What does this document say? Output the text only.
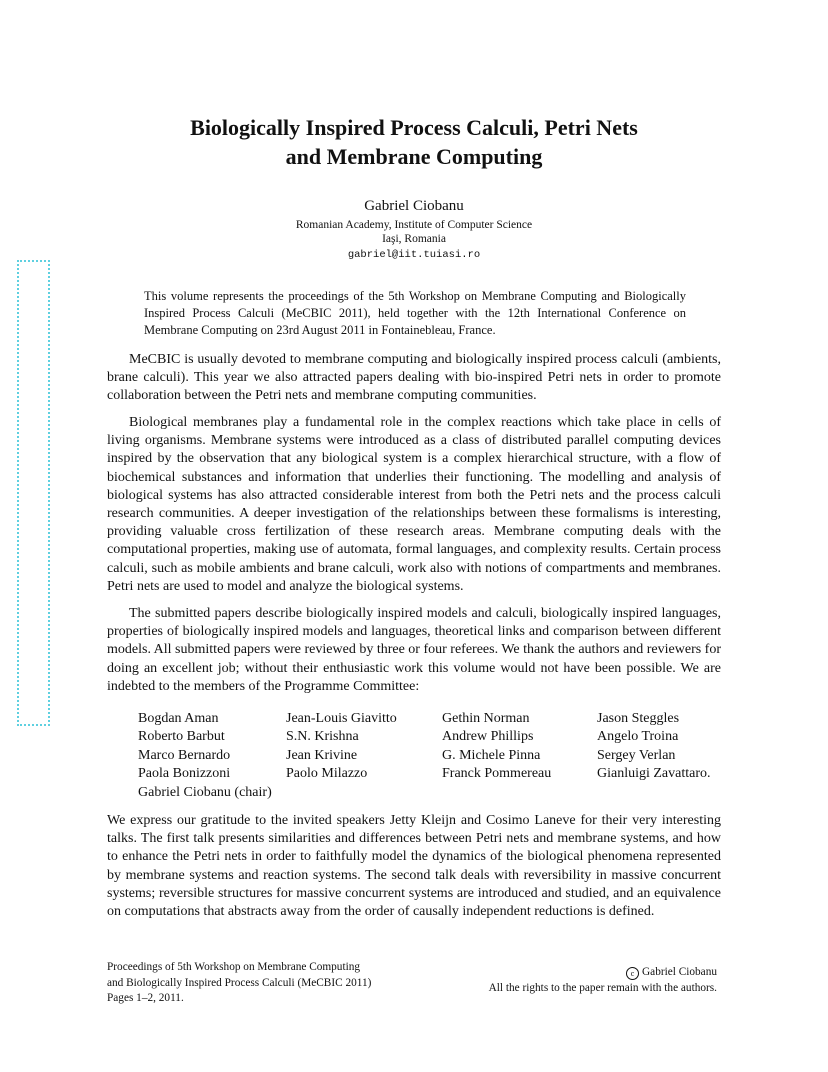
Biologically Inspired Process Calculi, Petri Nets
and Membrane Computing
Gabriel Ciobanu
Romanian Academy, Institute of Computer Science
Iaşi, Romania
gabriel@iit.tuiasi.ro
This volume represents the proceedings of the 5th Workshop on Membrane Computing and Biologically Inspired Process Calculi (MeCBIC 2011), held together with the 12th International Conference on Membrane Computing on 23rd August 2011 in Fontainebleau, France.

MeCBIC is usually devoted to membrane computing and biologically inspired process calculi (ambients, brane calculi). This year we also attracted papers dealing with bio-inspired Petri nets in order to promote collaboration between the Petri nets and membrane computing communities.

Biological membranes play a fundamental role in the complex reactions which take place in cells of living organisms. Membrane systems were introduced as a class of distributed parallel computing devices inspired by the observation that any biological system is a complex hierarchical structure, with a flow of biochemical substances and information that underlies their functioning. The modelling and analysis of biological systems has also attracted considerable interest from both the Petri nets and the process calculi research communities. A deeper investigation of the relationships between these formalisms is interesting, providing valuable cross fertilization of these research areas. Membrane computing deals with the computational properties, making use of automata, formal languages, and complexity results. Certain process calculi, such as mobile ambients and brane calculi, work also with notions of compartments and membranes. Petri nets are used to model and analyze the biological systems.

The submitted papers describe biologically inspired models and calculi, biologically inspired languages, properties of biologically inspired models and languages, theoretical links and comparison between different models. All submitted papers were reviewed by three or four referees. We thank the authors and reviewers for doing an excellent job; without their enthusiastic work this volume would not have been possible. We are indebted to the members of the Programme Committee:

Bogdan Aman
Roberto Barbut
Marco Bernardo
Paola Bonizzoni
Gabriel Ciobanu (chair)
Jean-Louis Giavitto
S.N. Krishna
Jean Krivine
Paolo Milazzo
Gethin Norman
Andrew Phillips
G. Michele Pinna
Franck Pommereau
Jason Steggles
Angelo Troina
Sergey Verlan
Gianluigi Zavattaro.

We express our gratitude to the invited speakers Jetty Kleijn and Cosimo Laneve for their very interesting talks. The first talk presents similarities and differences between Petri nets and membrane systems, and how to enhance the Petri nets in order to faithfully model the dynamics of the biological phenomena represented by membrane systems and reaction systems. The second talk deals with reversibility in massive concurrent systems; reversible structures for massive concurrent systems are introduced and studied, and an equivalence on computations that abstracts away from the order of causally independent reductions is defined.

Proceedings of 5th Workshop on Membrane Computing
and Biologically Inspired Process Calculi (MeCBIC 2011)
Pages 1–2, 2011.
c Gabriel Ciobanu
All the rights to the paper remain with the authors.
